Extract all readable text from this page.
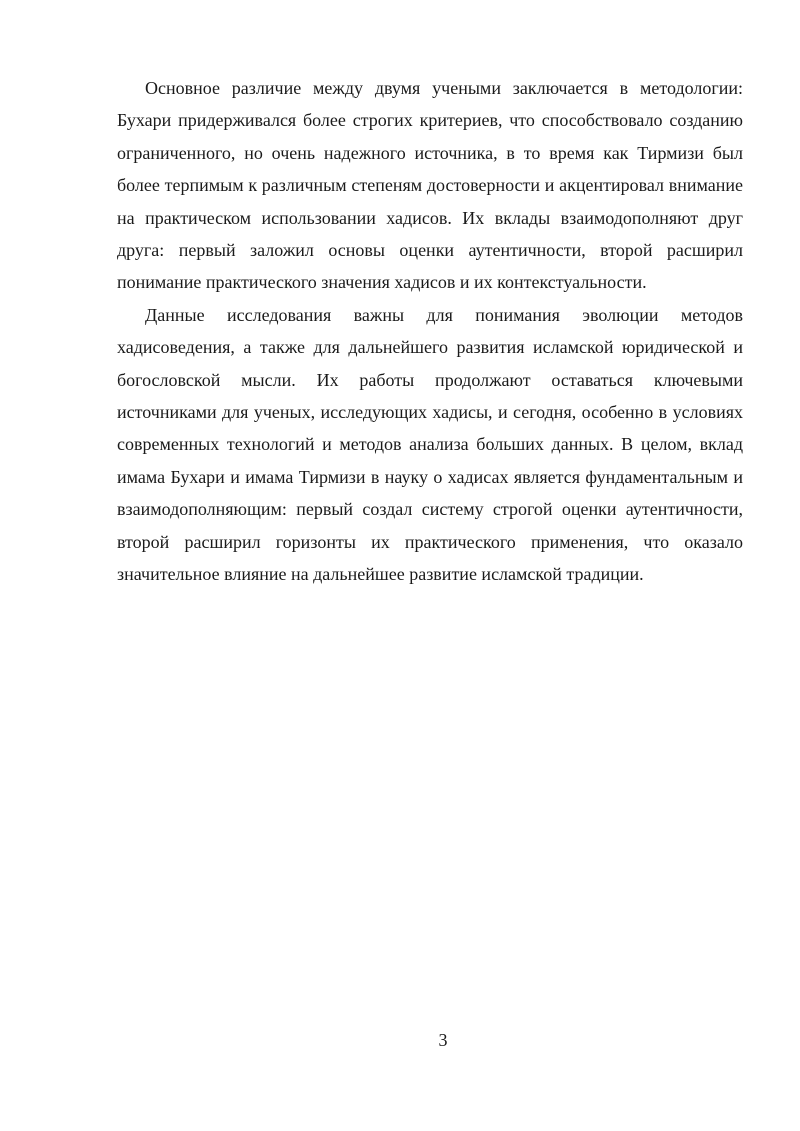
Основное различие между двумя учеными заключается в методологии: Бухари придерживался более строгих критериев, что способствовало созданию ограниченного, но очень надежного источника, в то время как Тирмизи был более терпимым к различным степеням достоверности и акцентировал внимание на практическом использовании хадисов. Их вклады взаимодополняют друг друга: первый заложил основы оценки аутентичности, второй расширил понимание практического значения хадисов и их контекстуальности.

Данные исследования важны для понимания эволюции методов хадисоведения, а также для дальнейшего развития исламской юридической и богословской мысли. Их работы продолжают оставаться ключевыми источниками для ученых, исследующих хадисы, и сегодня, особенно в условиях современных технологий и методов анализа больших данных. В целом, вклад имама Бухари и имама Тирмизи в науку о хадисах является фундаментальным и взаимодополняющим: первый создал систему строгой оценки аутентичности, второй расширил горизонты их практического применения, что оказало значительное влияние на дальнейшее развитие исламской традиции.

3
